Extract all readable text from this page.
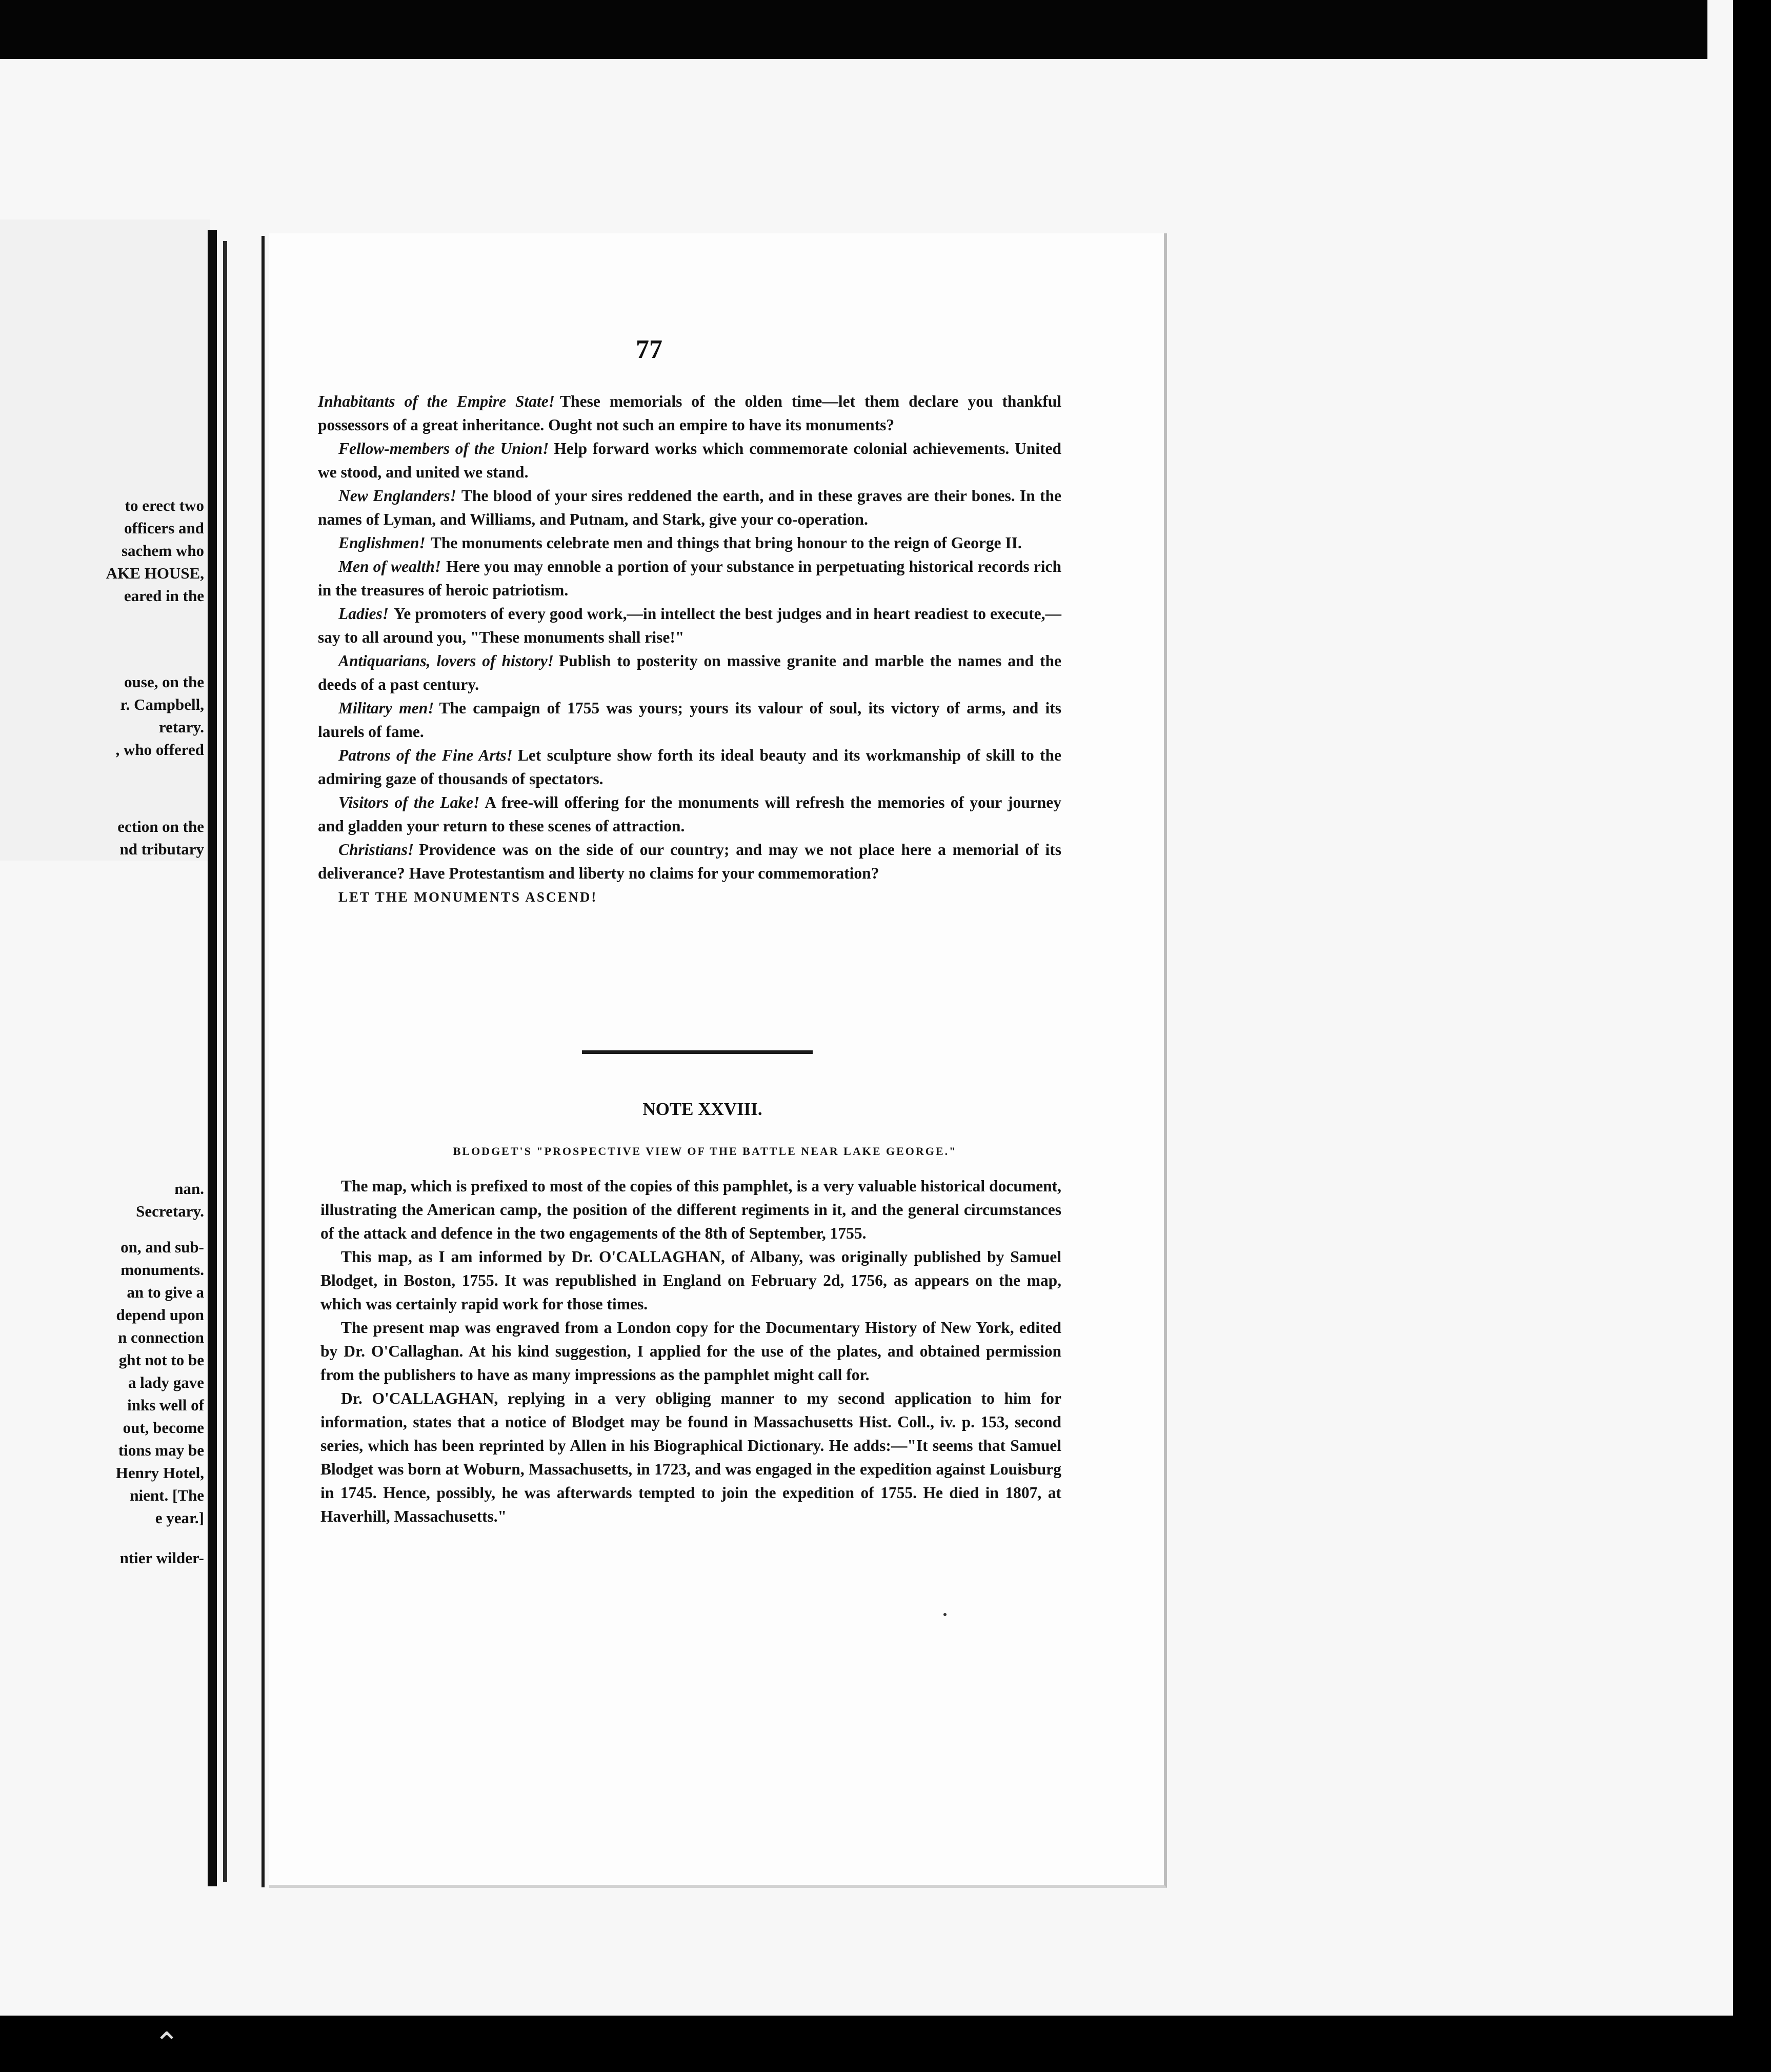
⌃

to erect two

officers and

sachem who

AKE HOUSE,

eared in the

ouse, on the

r. Campbell,

retary.

, who offered

ection on the

nd tributary

nan.

Secretary.

on, and sub-

monuments.

an to give a

depend upon

n connection

ght not to be

a lady gave

inks well of

out, become

tions may be

Henry Hotel,

nient. [The

e year.]

ntier wilder-

77

Inhabitants of the Empire State! These memorials of the olden time—let them declare you thankful possessors of a great inheritance. Ought not such an empire to have its monuments?

Fellow-members of the Union! Help forward works which commemorate colonial achievements. United we stood, and united we stand.

New Englanders! The blood of your sires reddened the earth, and in these graves are their bones. In the names of Lyman, and Williams, and Putnam, and Stark, give your co-operation.

Englishmen! The monuments celebrate men and things that bring honour to the reign of George II.

Men of wealth! Here you may ennoble a portion of your substance in perpetuating historical records rich in the treasures of heroic patriotism.

Ladies! Ye promoters of every good work,—in intellect the best judges and in heart readiest to execute,—say to all around you, "These monuments shall rise!"

Antiquarians, lovers of history! Publish to posterity on massive granite and marble the names and the deeds of a past century.

Military men! The campaign of 1755 was yours; yours its valour of soul, its victory of arms, and its laurels of fame.

Patrons of the Fine Arts! Let sculpture show forth its ideal beauty and its workmanship of skill to the admiring gaze of thousands of spectators.

Visitors of the Lake! A free-will offering for the monuments will refresh the memories of your journey and gladden your return to these scenes of attraction.

Christians! Providence was on the side of our country; and may we not place here a memorial of its deliverance? Have Protestantism and liberty no claims for your commemoration?

LET THE MONUMENTS ASCEND!

NOTE XXVIII.

BLODGET'S "PROSPECTIVE VIEW OF THE BATTLE NEAR LAKE GEORGE."

The map, which is prefixed to most of the copies of this pamphlet, is a very valuable historical document, illustrating the American camp, the position of the different regiments in it, and the general circumstances of the attack and defence in the two engagements of the 8th of September, 1755.

This map, as I am informed by Dr. O'CALLAGHAN, of Albany, was originally published by Samuel Blodget, in Boston, 1755. It was republished in England on February 2d, 1756, as appears on the map, which was certainly rapid work for those times.

The present map was engraved from a London copy for the Documentary History of New York, edited by Dr. O'Callaghan. At his kind suggestion, I applied for the use of the plates, and obtained permission from the publishers to have as many impressions as the pamphlet might call for.

Dr. O'CALLAGHAN, replying in a very obliging manner to my second application to him for information, states that a notice of Blodget may be found in Massachusetts Hist. Coll., iv. p. 153, second series, which has been reprinted by Allen in his Biographical Dictionary. He adds:—"It seems that Samuel Blodget was born at Woburn, Massachusetts, in 1723, and was engaged in the expedition against Louisburg in 1745. Hence, possibly, he was afterwards tempted to join the expedition of 1755. He died in 1807, at Haverhill, Massachusetts."
